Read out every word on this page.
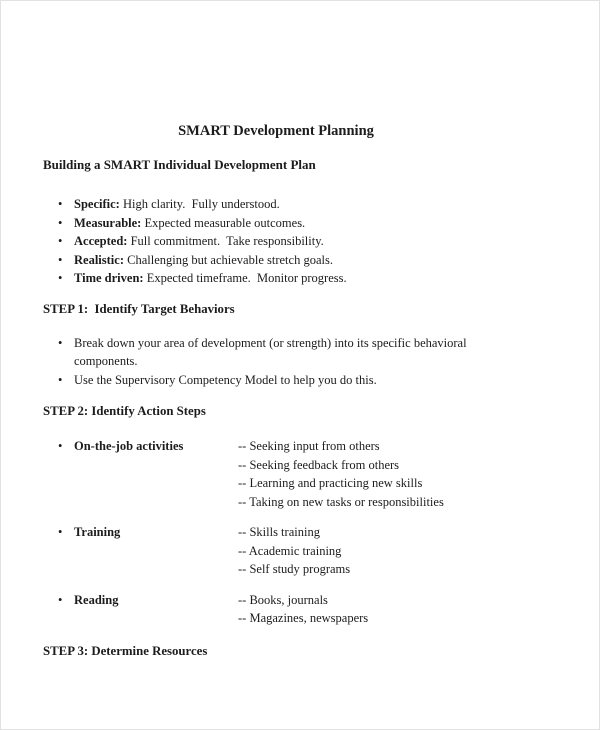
SMART Development Planning
Building a SMART Individual Development Plan
• Specific: High clarity.  Fully understood.
• Measurable: Expected measurable outcomes.
• Accepted: Full commitment.  Take responsibility.
• Realistic: Challenging but achievable stretch goals.
• Time driven: Expected timeframe.  Monitor progress.
STEP 1:  Identify Target Behaviors
• Break down your area of development (or strength) into its specific behavioral components.
• Use the Supervisory Competency Model to help you do this.
STEP 2: Identify Action Steps
• On-the-job activities	-- Seeking input from others
-- Seeking feedback from others
-- Learning and practicing new skills
-- Taking on new tasks or responsibilities
• Training	-- Skills training
-- Academic training
-- Self study programs
• Reading	-- Books, journals
-- Magazines, newspapers
STEP 3: Determine Resources
